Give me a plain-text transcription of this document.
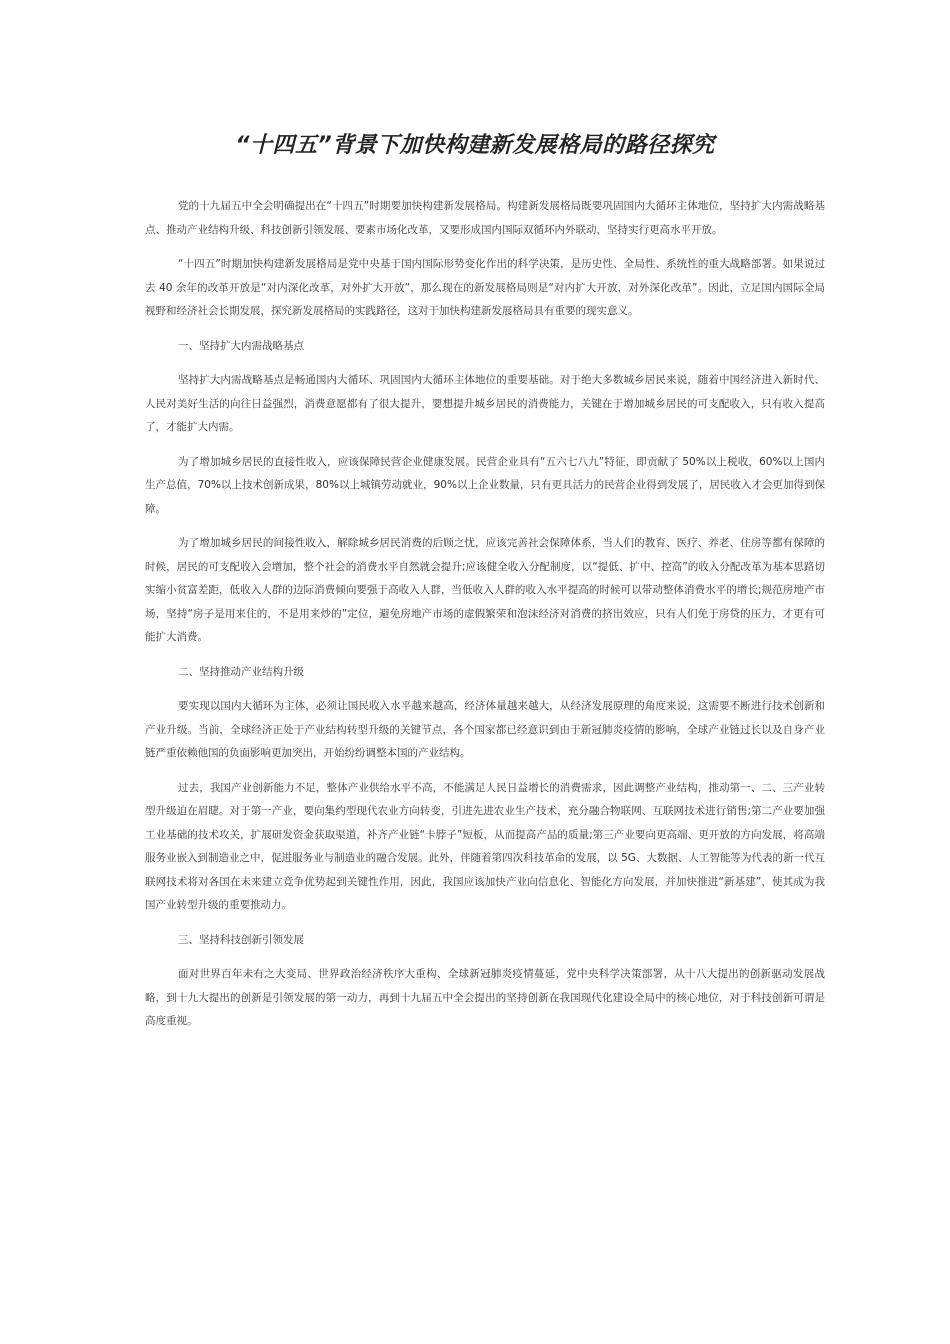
“十四五”背景下加快构建新发展格局的路径探究
党的十九届五中全会明确提出在“十四五”时期要加快构建新发展格局。构建新发展格局既要巩固国内大循环主体地位，坚持扩大内需战略基点、推动产业结构升级、科技创新引领发展、要素市场化改革，又要形成国内国际双循环内外联动，坚持实行更高水平开放。
“十四五”时期加快构建新发展格局是党中央基于国内国际形势变化作出的科学决策，是历史性、全局性、系统性的重大战略部署。如果说过去 40 余年的改革开放是“对内深化改革，对外扩大开放”，那么现在的新发展格局则是“对内扩大开放，对外深化改革”。因此，立足国内国际全局视野和经济社会长期发展，探究新发展格局的实践路径，这对于加快构建新发展格局具有重要的现实意义。
一、坚持扩大内需战略基点
坚持扩大内需战略基点是畅通国内大循环、巩固国内大循环主体地位的重要基础。对于绝大多数城乡居民来说，随着中国经济进入新时代、人民对美好生活的向往日益强烈，消费意愿都有了很大提升，要想提升城乡居民的消费能力，关键在于增加城乡居民的可支配收入，只有收入提高了，才能扩大内需。
为了增加城乡居民的直接性收入，应该保障民营企业健康发展。民营企业具有“五六七八九”特征，即贡献了 50%以上税收，60%以上国内生产总值，70%以上技术创新成果，80%以上城镇劳动就业，90%以上企业数量，只有更具活力的民营企业得到发展了，居民收入才会更加得到保障。
为了增加城乡居民的间接性收入，解除城乡居民消费的后顾之忧，应该完善社会保障体系，当人们的教育、医疗、养老、住房等都有保障的时候，居民的可支配收入会增加，整个社会的消费水平自然就会提升;应该健全收入分配制度，以“提低、扩中、控高”的收入分配改革为基本思路切实缩小贫富差距，低收入人群的边际消费倾向要强于高收入人群，当低收入人群的收入水平提高的时候可以带动整体消费水平的增长;规范房地产市场，坚持“房子是用来住的，不是用来炒的”定位，避免房地产市场的虚假繁荣和泡沫经济对消费的挤出效应，只有人们免于房贷的压力，才更有可能扩大消费。
二、坚持推动产业结构升级
要实现以国内大循环为主体，必须让国民收入水平越来越高，经济体量越来越大，从经济发展原理的角度来说，这需要不断进行技术创新和产业升级。当前，全球经济正处于产业结构转型升级的关键节点，各个国家都已经意识到由于新冠肺炎疫情的影响，全球产业链过长以及自身产业链严重依赖他国的负面影响更加突出，开始纷纷调整本国的产业结构。
过去，我国产业创新能力不足，整体产业供给水平不高，不能满足人民日益增长的消费需求，因此调整产业结构，推动第一、二、三产业转型升级迫在眉睫。对于第一产业，要向集约型现代农业方向转变，引进先进农业生产技术，充分融合物联网、互联网技术进行销售;第二产业要加强工业基础的技术攻关，扩展研发资金获取渠道，补齐产业链“卡脖子”短板，从而提高产品的质量;第三产业要向更高端、更开放的方向发展，将高端服务业嵌入到制造业之中，促进服务业与制造业的融合发展。此外，伴随着第四次科技革命的发展，以 5G、大数据、人工智能等为代表的新一代互联网技术将对各国在未来建立竞争优势起到关键性作用，因此，我国应该加快产业向信息化、智能化方向发展，并加快推进“新基建”，使其成为我国产业转型升级的重要推动力。
三、坚持科技创新引领发展
面对世界百年未有之大变局、世界政治经济秩序大重构、全球新冠肺炎疫情蔓延，党中央科学决策部署，从十八大提出的创新驱动发展战略，到十九大提出的创新是引领发展的第一动力，再到十九届五中全会提出的坚持创新在我国现代化建设全局中的核心地位，对于科技创新可谓是高度重视。
